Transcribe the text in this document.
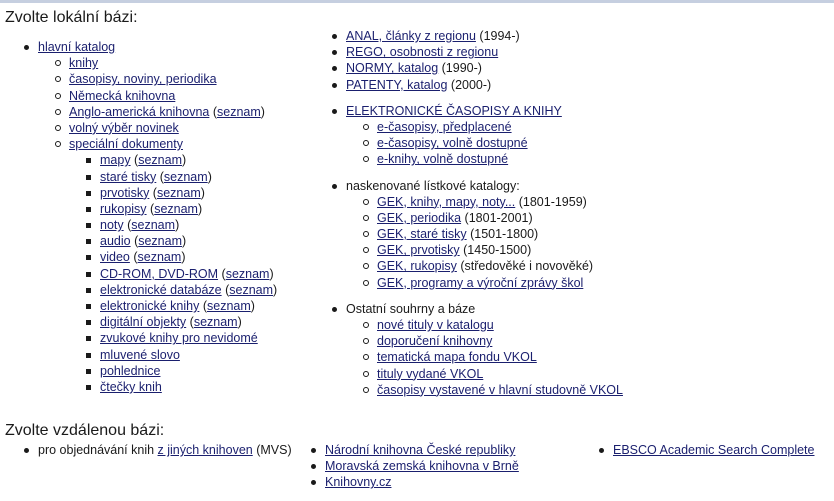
Zvolte lokální bázi:
hlavní katalog
knihy
časopisy, noviny, periodika
Německá knihovna
Anglo-americká knihovna (seznam)
volný výběr novinek
speciální dokumenty
mapy (seznam)
staré tisky (seznam)
prvotisky (seznam)
rukopisy (seznam)
noty (seznam)
audio (seznam)
video (seznam)
CD-ROM, DVD-ROM (seznam)
elektronické databáze (seznam)
elektronické knihy (seznam)
digitální objekty (seznam)
zvukové knihy pro nevidomé
mluvené slovo
pohlednice
čtečky knih
ANAL, články z regionu (1994-)
REGO, osobnosti z regionu
NORMY, katalog (1990-)
PATENTY, katalog (2000-)
ELEKTRONICKÉ ČASOPISY A KNIHY
e-časopisy, předplacené
e-časopisy, volně dostupné
e-knihy, volně dostupné
naskenované lístkové katalogy:
GEK, knihy, mapy, noty... (1801-1959)
GEK, periodika (1801-2001)
GEK, staré tisky (1501-1800)
GEK, prvotisky (1450-1500)
GEK, rukopisy (středověké i novověké)
GEK, programy a výroční zprávy škol
Ostatní souhrny a báze
nové tituly v katalogu
doporučení knihovny
tematická mapa fondu VKOL
tituly vydané VKOL
časopisy vystavené v hlavní studovně VKOL
Zvolte vzdálenou bázi:
pro objednávání knih z jiných knihoven (MVS)	Národní knihovna České republiky
Moravská zemská knihovna v Brně
Knihovny.cz
EBSCO Academic Search Complete
